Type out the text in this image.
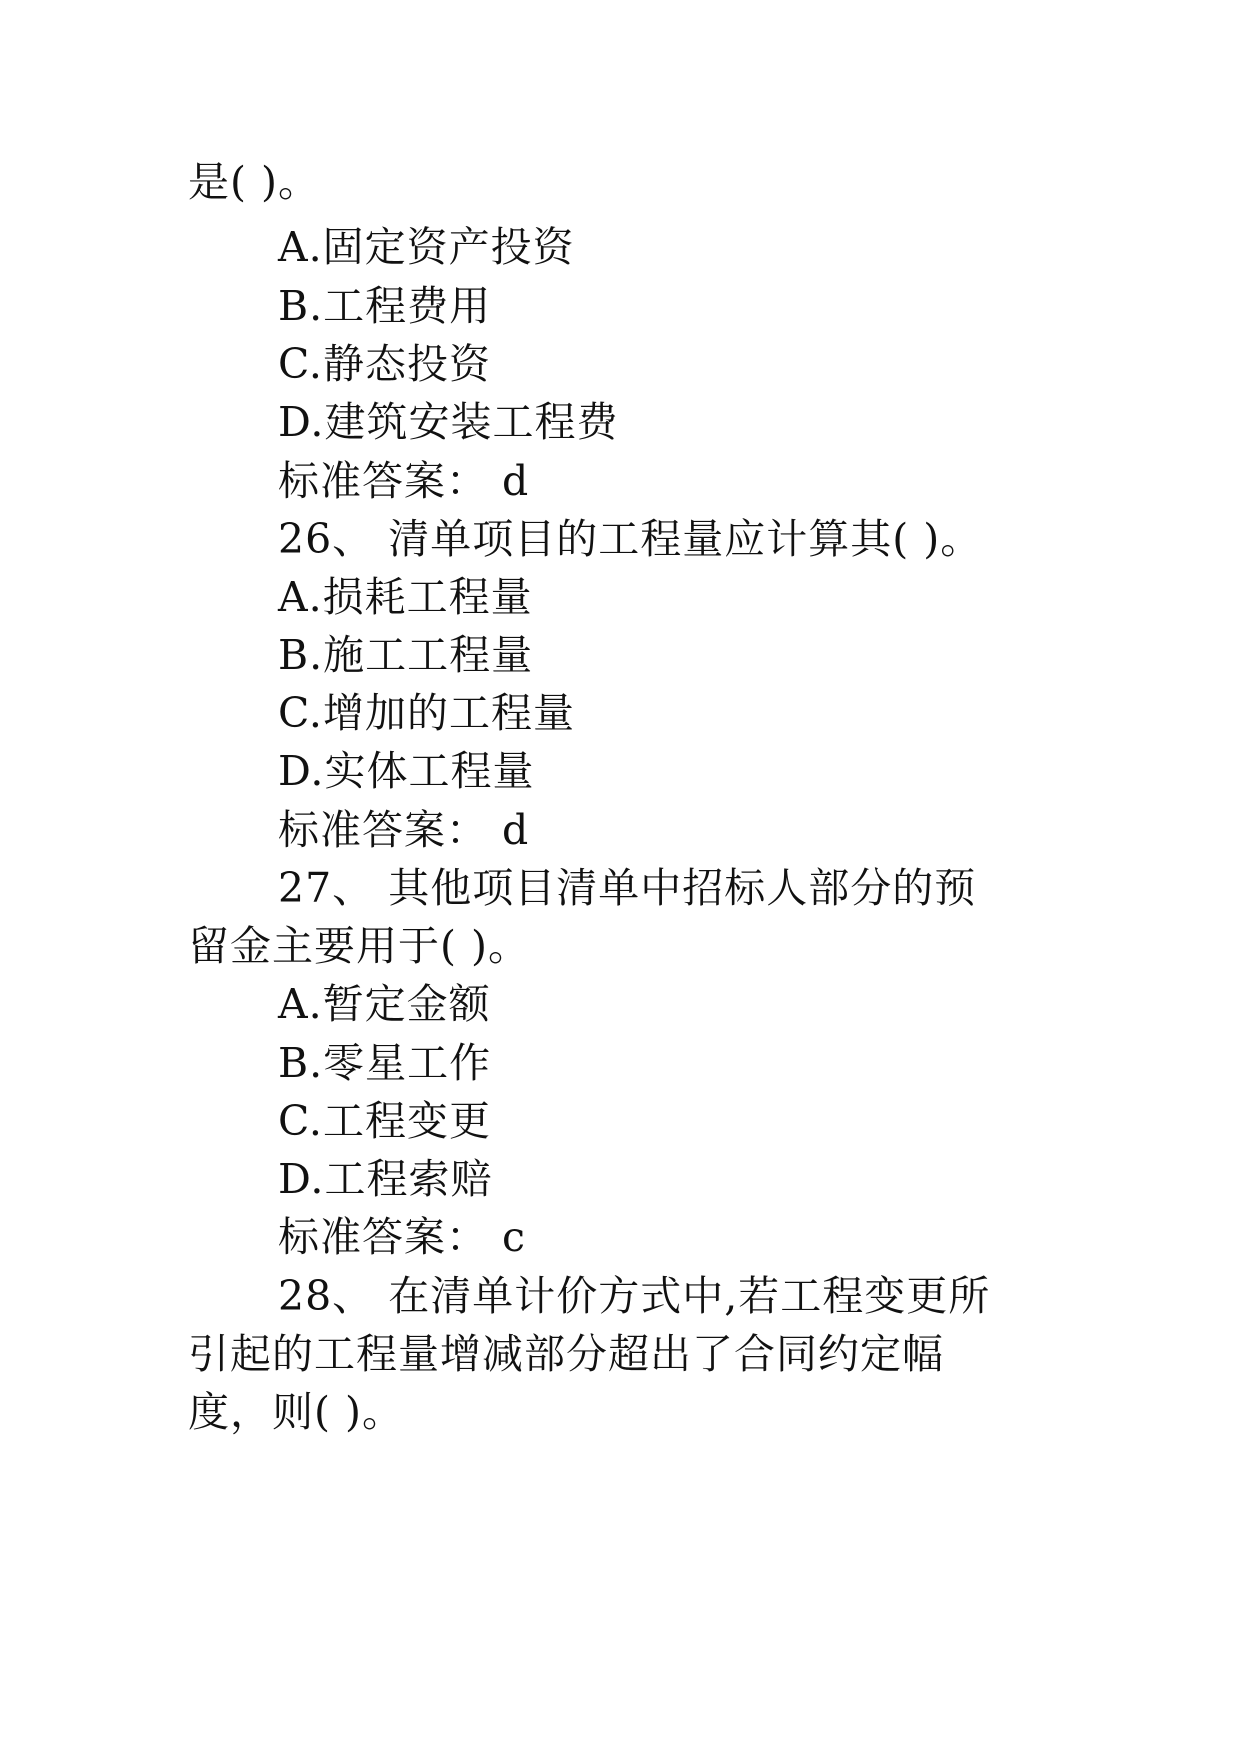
是( )。
A.固定资产投资
B.工程费用
C.静态投资
D.建筑安装工程费
标准答案： d
26、 清单项目的工程量应计算其( )。
A.损耗工程量
B.施工工程量
C.增加的工程量
D.实体工程量
标准答案： d
27、 其他项目清单中招标人部分的预
留金主要用于( )。
A.暂定金额
B.零星工作
C.工程变更
D.工程索赔
标准答案： c
28、 在清单计价方式中,若工程变更所
引起的工程量增减部分超出了合同约定幅
度，则( )。
